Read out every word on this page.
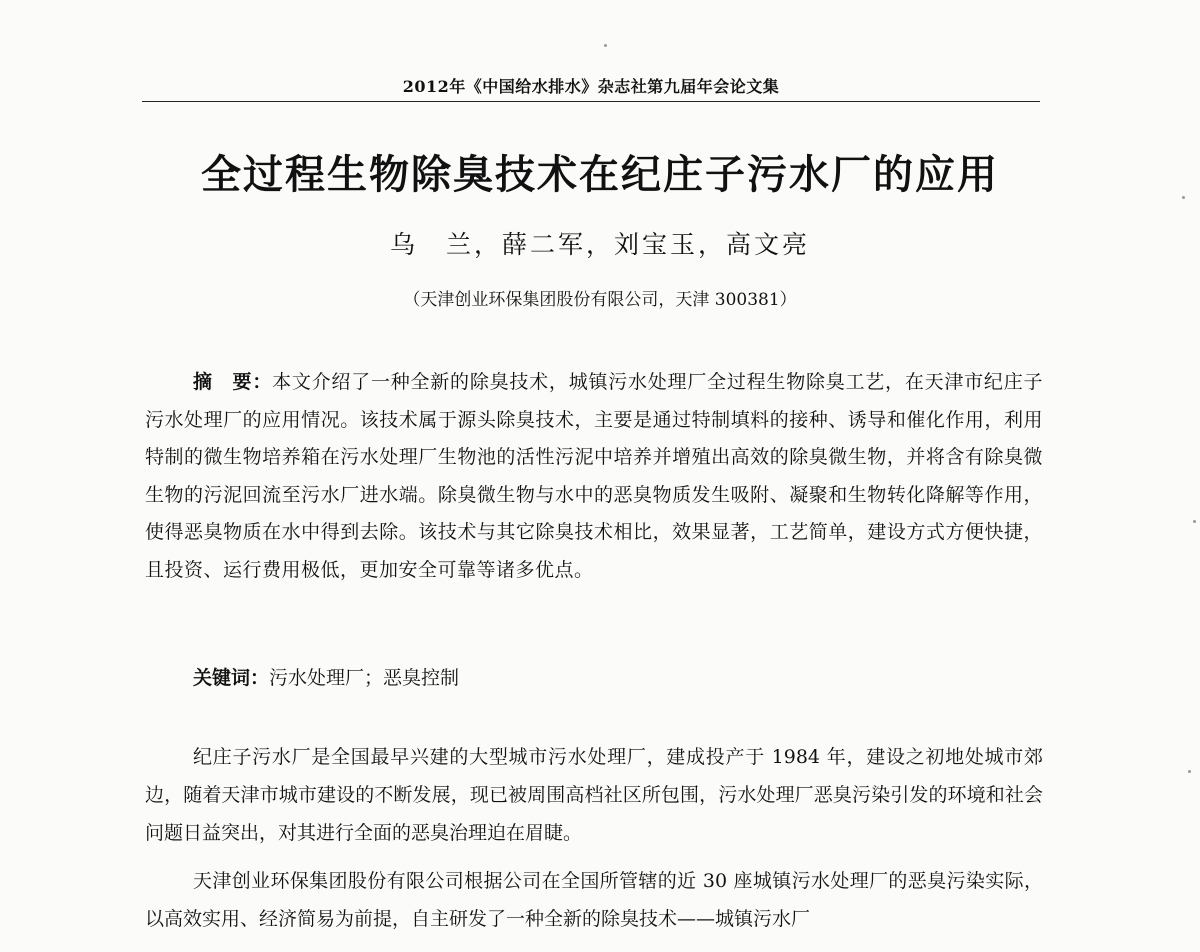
2012年《中国给水排水》杂志社第九届年会论文集
全过程生物除臭技术在纪庄子污水厂的应用
乌　兰，薛二军，刘宝玉，高文亮
（天津创业环保集团股份有限公司，天津 300381）

摘　要：本文介绍了一种全新的除臭技术，城镇污水处理厂全过程生物除臭工艺，在天津市纪庄子污水处理厂的应用情况。该技术属于源头除臭技术，主要是通过特制填料的接种、诱导和催化作用，利用特制的微生物培养箱在污水处理厂生物池的活性污泥中培养并增殖出高效的除臭微生物，并将含有除臭微生物的污泥回流至污水厂进水端。除臭微生物与水中的恶臭物质发生吸附、凝聚和生物转化降解等作用，使得恶臭物质在水中得到去除。该技术与其它除臭技术相比，效果显著，工艺简单，建设方式方便快捷，且投资、运行费用极低，更加安全可靠等诸多优点。

关键词：污水处理厂；恶臭控制

纪庄子污水厂是全国最早兴建的大型城市污水处理厂，建成投产于 1984 年，建设之初地处城市郊边，随着天津市城市建设的不断发展，现已被周围高档社区所包围，污水处理厂恶臭污染引发的环境和社会问题日益突出，对其进行全面的恶臭治理迫在眉睫。

天津创业环保集团股份有限公司根据公司在全国所管辖的近 30 座城镇污水处理厂的恶臭污染实际，以高效实用、经济简易为前提，自主研发了一种全新的除臭技术——城镇污水厂
